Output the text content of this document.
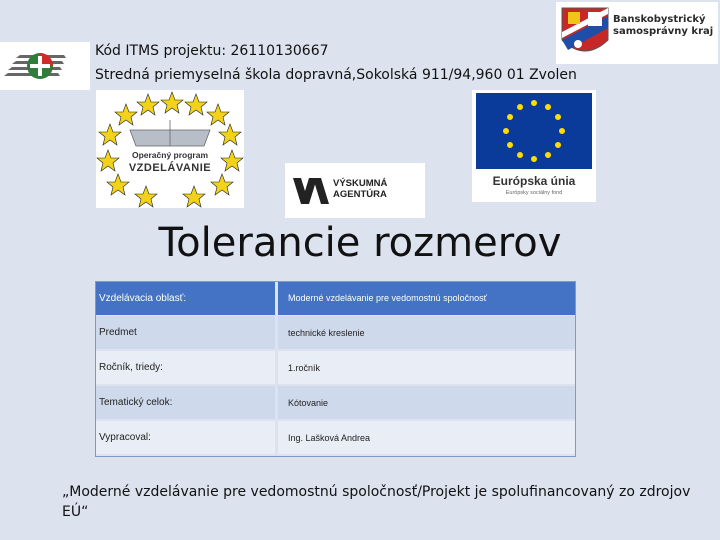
Kód ITMS projektu: 26110130667
Stredná priemyselná škola dopravná,Sokolská 911/94,960 01 Zvolen
Banskobystrický
samosprávny kraj
Operačný program
VZDELÁVANIE
VÝSKUMNÁ
AGENTÚRA
Európska únia
Európsky sociálny fond
Tolerancie rozmerov
Vzdelávacia oblasť:	Moderné vzdelávanie pre vedomostnú spoločnosť
Predmet	technické kreslenie
Ročník, triedy:	1.ročník
Tematický celok:	Kótovanie
Vypracoval:	Ing. Lašková Andrea
„Moderné vzdelávanie pre vedomostnú spoločnosť/Projekt je spolufinancovaný zo zdrojov EÚ“
